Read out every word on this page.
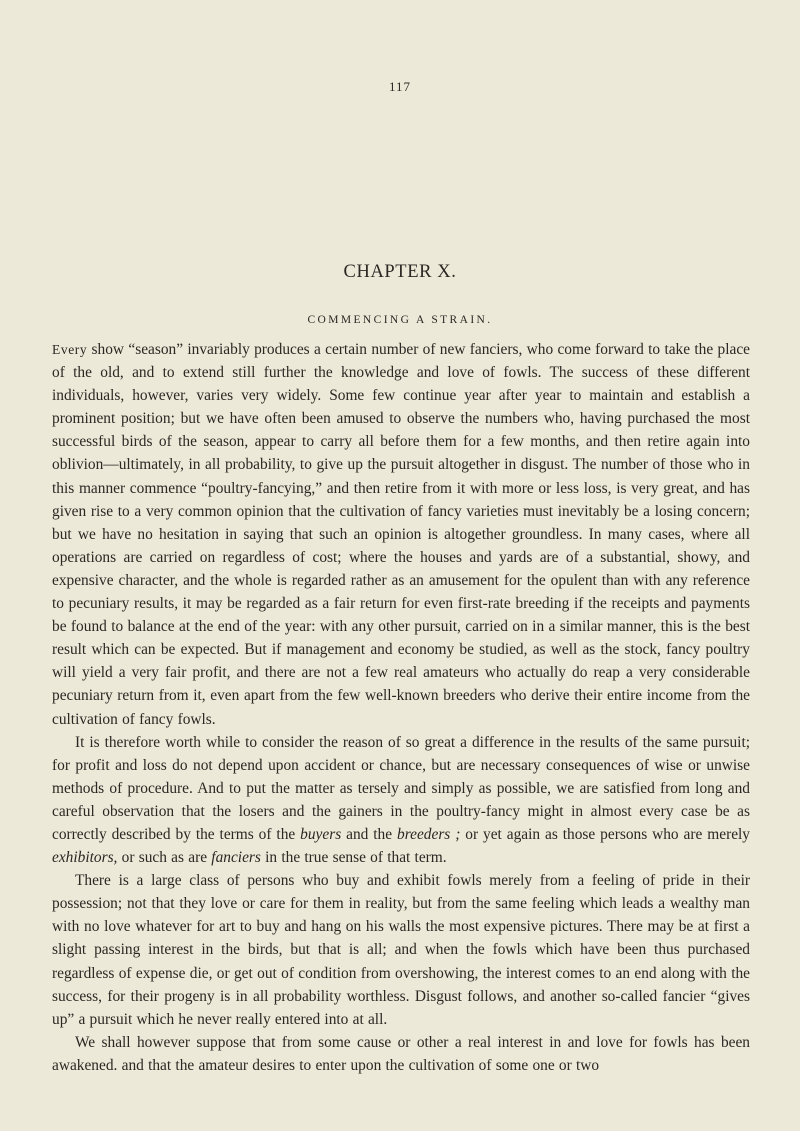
117
CHAPTER X.
COMMENCING A STRAIN.

Every show “season” invariably produces a certain number of new fanciers, who come forward to take the place of the old, and to extend still further the knowledge and love of fowls. The success of these different individuals, however, varies very widely. Some few continue year after year to maintain and establish a prominent position; but we have often been amused to observe the numbers who, having purchased the most successful birds of the season, appear to carry all before them for a few months, and then retire again into oblivion—ultimately, in all probability, to give up the pursuit altogether in disgust. The number of those who in this manner commence “poultry-fancying,” and then retire from it with more or less loss, is very great, and has given rise to a very common opinion that the cultivation of fancy varieties must inevitably be a losing concern; but we have no hesitation in saying that such an opinion is altogether groundless. In many cases, where all operations are carried on regardless of cost; where the houses and yards are of a substantial, showy, and expensive character, and the whole is regarded rather as an amusement for the opulent than with any reference to pecuniary results, it may be regarded as a fair return for even first-rate breeding if the receipts and payments be found to balance at the end of the year: with any other pursuit, carried on in a similar manner, this is the best result which can be expected. But if management and economy be studied, as well as the stock, fancy poultry will yield a very fair profit, and there are not a few real amateurs who actually do reap a very considerable pecuniary return from it, even apart from the few well-known breeders who derive their entire income from the cultivation of fancy fowls.

It is therefore worth while to consider the reason of so great a difference in the results of the same pursuit; for profit and loss do not depend upon accident or chance, but are necessary consequences of wise or unwise methods of procedure. And to put the matter as tersely and simply as possible, we are satisfied from long and careful observation that the losers and the gainers in the poultry-fancy might in almost every case be as correctly described by the terms of the buyers and the breeders ; or yet again as those persons who are merely exhibitors, or such as are fanciers in the true sense of that term.

There is a large class of persons who buy and exhibit fowls merely from a feeling of pride in their possession; not that they love or care for them in reality, but from the same feeling which leads a wealthy man with no love whatever for art to buy and hang on his walls the most expensive pictures. There may be at first a slight passing interest in the birds, but that is all; and when the fowls which have been thus purchased regardless of expense die, or get out of condition from overshowing, the interest comes to an end along with the success, for their progeny is in all probability worthless. Disgust follows, and another so-called fancier “gives up” a pursuit which he never really entered into at all.

We shall however suppose that from some cause or other a real interest in and love for fowls has been awakened. and that the amateur desires to enter upon the cultivation of some one or two
